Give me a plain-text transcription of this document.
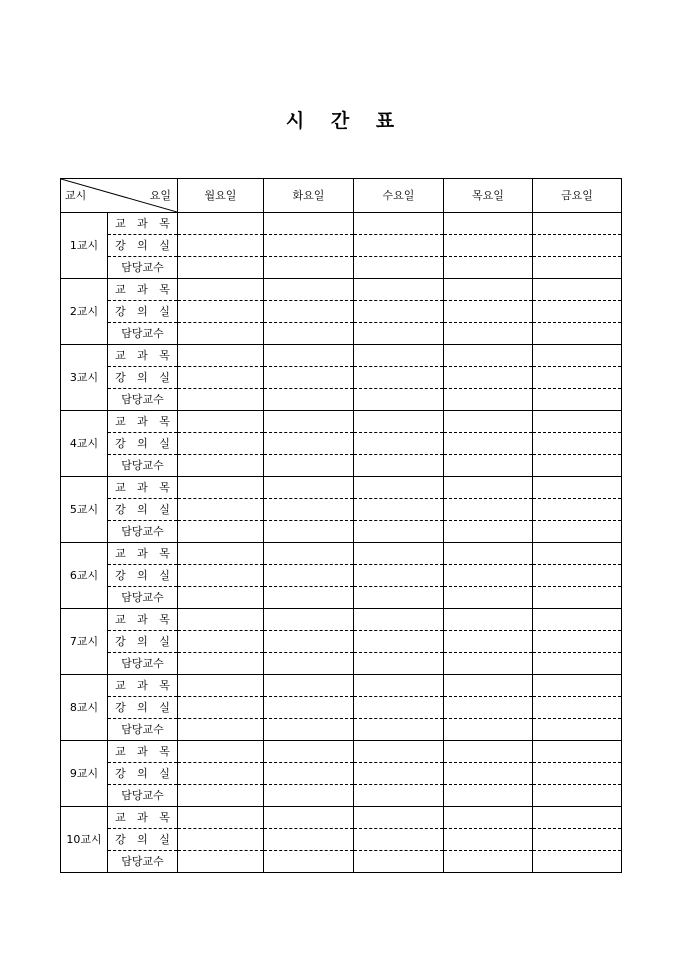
시 간 표
교시 요일		월요일	화요일	수요일	목요일	금요일
1교시	교 과 목					
	강 의 실					
	담당교수					
2교시	교 과 목					
	강 의 실					
	담당교수					
3교시	교 과 목					
	강 의 실					
	담당교수					
4교시	교 과 목					
	강 의 실					
	담당교수					
5교시	교 과 목					
	강 의 실					
	담당교수					
6교시	교 과 목					
	강 의 실					
	담당교수					
7교시	교 과 목					
	강 의 실					
	담당교수					
8교시	교 과 목					
	강 의 실					
	담당교수					
9교시	교 과 목					
	강 의 실					
	담당교수					
10교시	교 과 목					
	강 의 실					
	담당교수					
